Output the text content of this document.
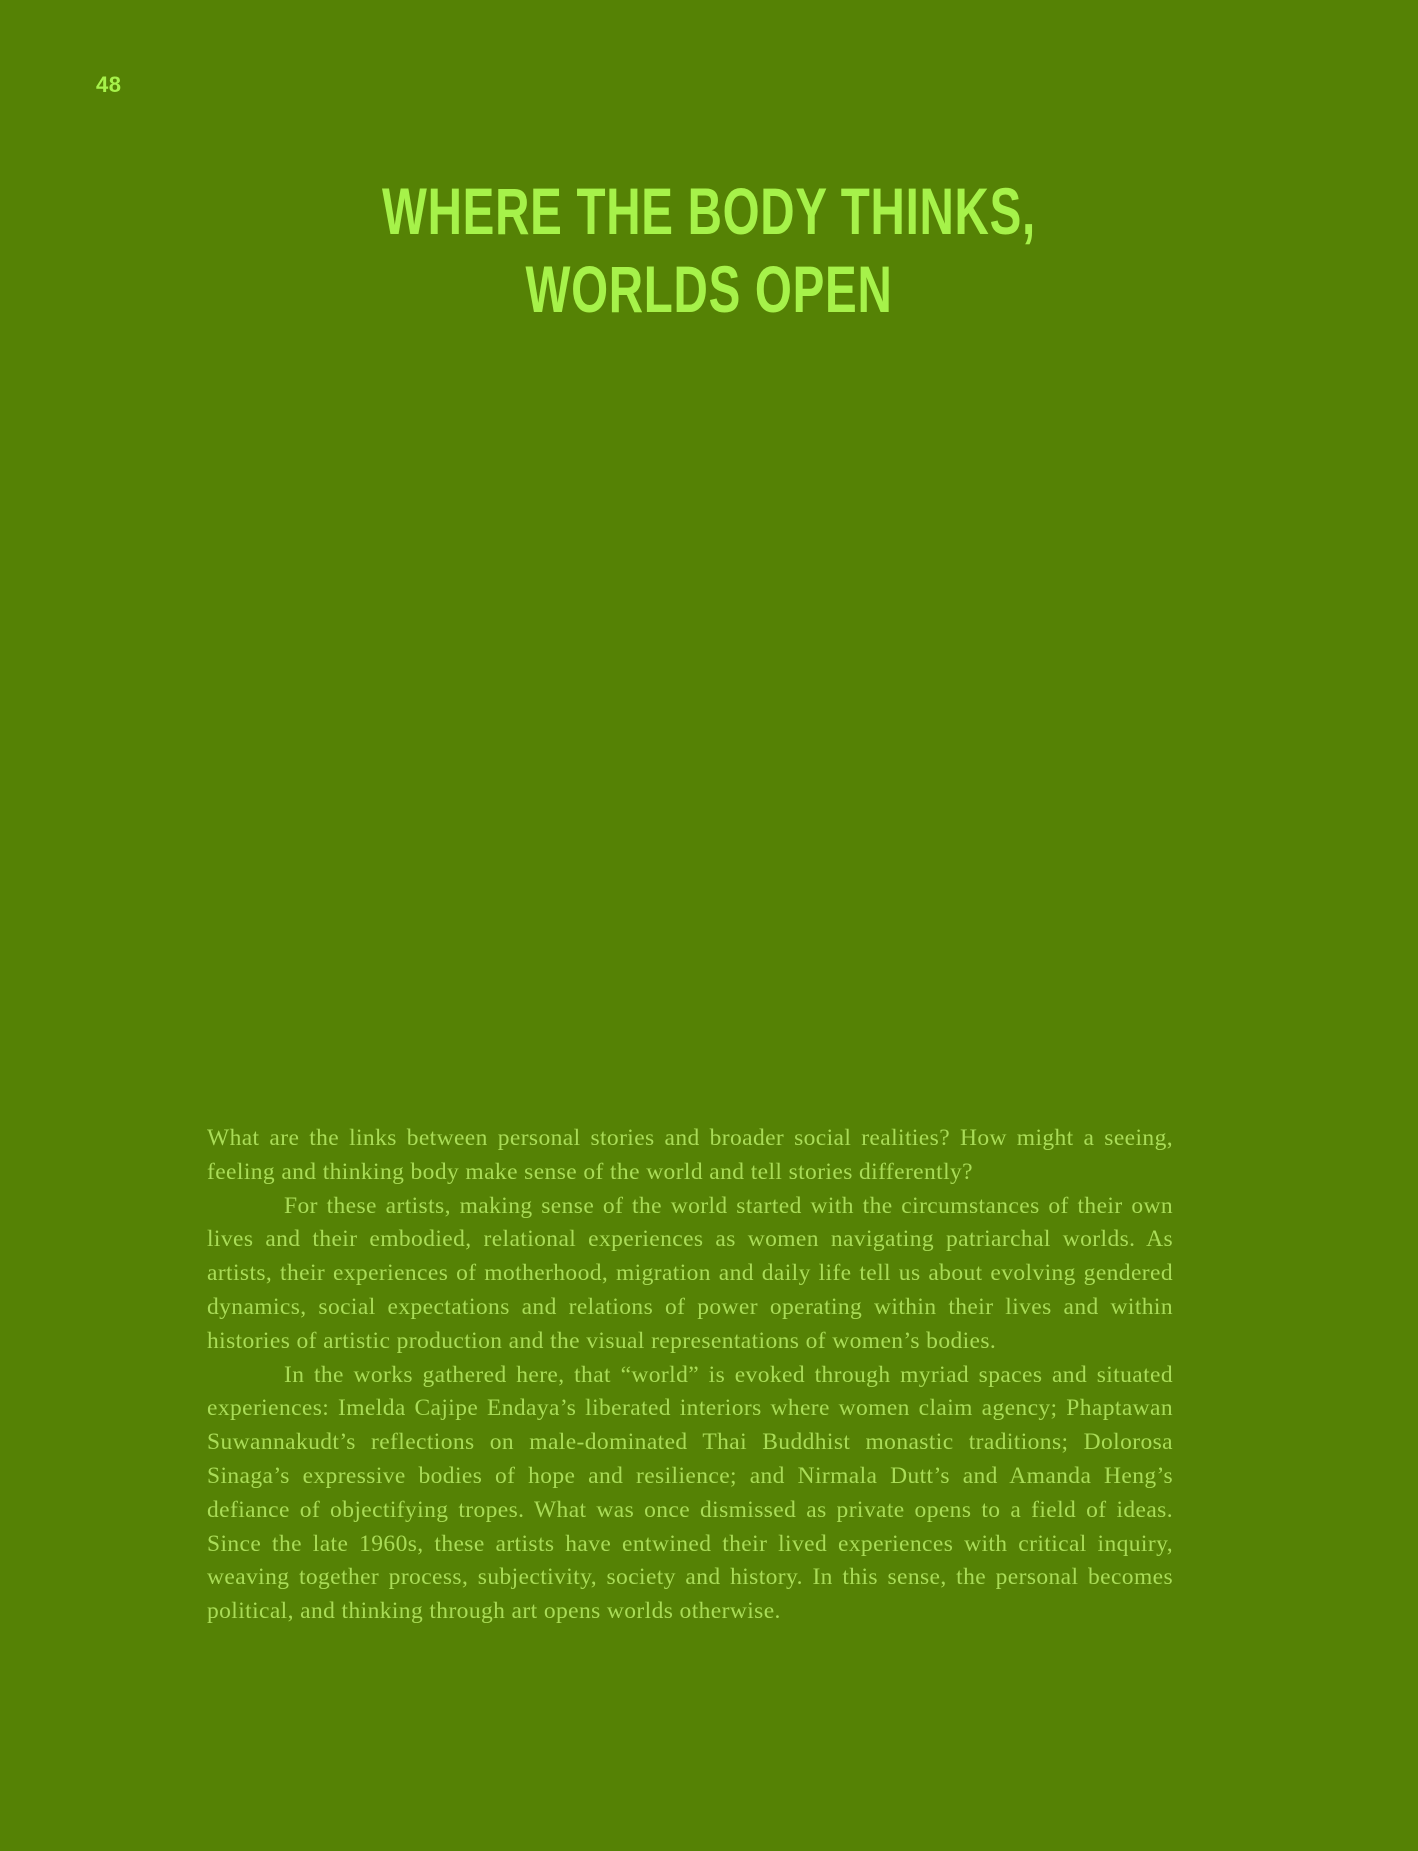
48
WHERE THE BODY THINKS,
WORLDS OPEN

What are the links between personal stories and broader social realities? How might a seeing, feeling and thinking body make sense of the world and tell stories differently?

For these artists, making sense of the world started with the circumstances of their own lives and their embodied, relational experiences as women navigating patriarchal worlds. As artists, their experiences of motherhood, migration and daily life tell us about evolving gendered dynamics, social expectations and relations of power operating within their lives and within histories of artistic production and the visual representations of women’s bodies.

In the works gathered here, that “world” is evoked through myriad spaces and situated experiences: Imelda Cajipe Endaya’s liberated interiors where women claim agency; Phaptawan Suwannakudt’s reflections on male-dominated Thai Buddhist monastic traditions; Dolorosa Sinaga’s expressive bodies of hope and resilience; and Nirmala Dutt’s and Amanda Heng’s defiance of objectifying tropes. What was once dismissed as private opens to a field of ideas. Since the late 1960s, these artists have entwined their lived experiences with critical inquiry, weaving together process, subjectivity, society and history. In this sense, the personal becomes political, and thinking through art opens worlds otherwise.
